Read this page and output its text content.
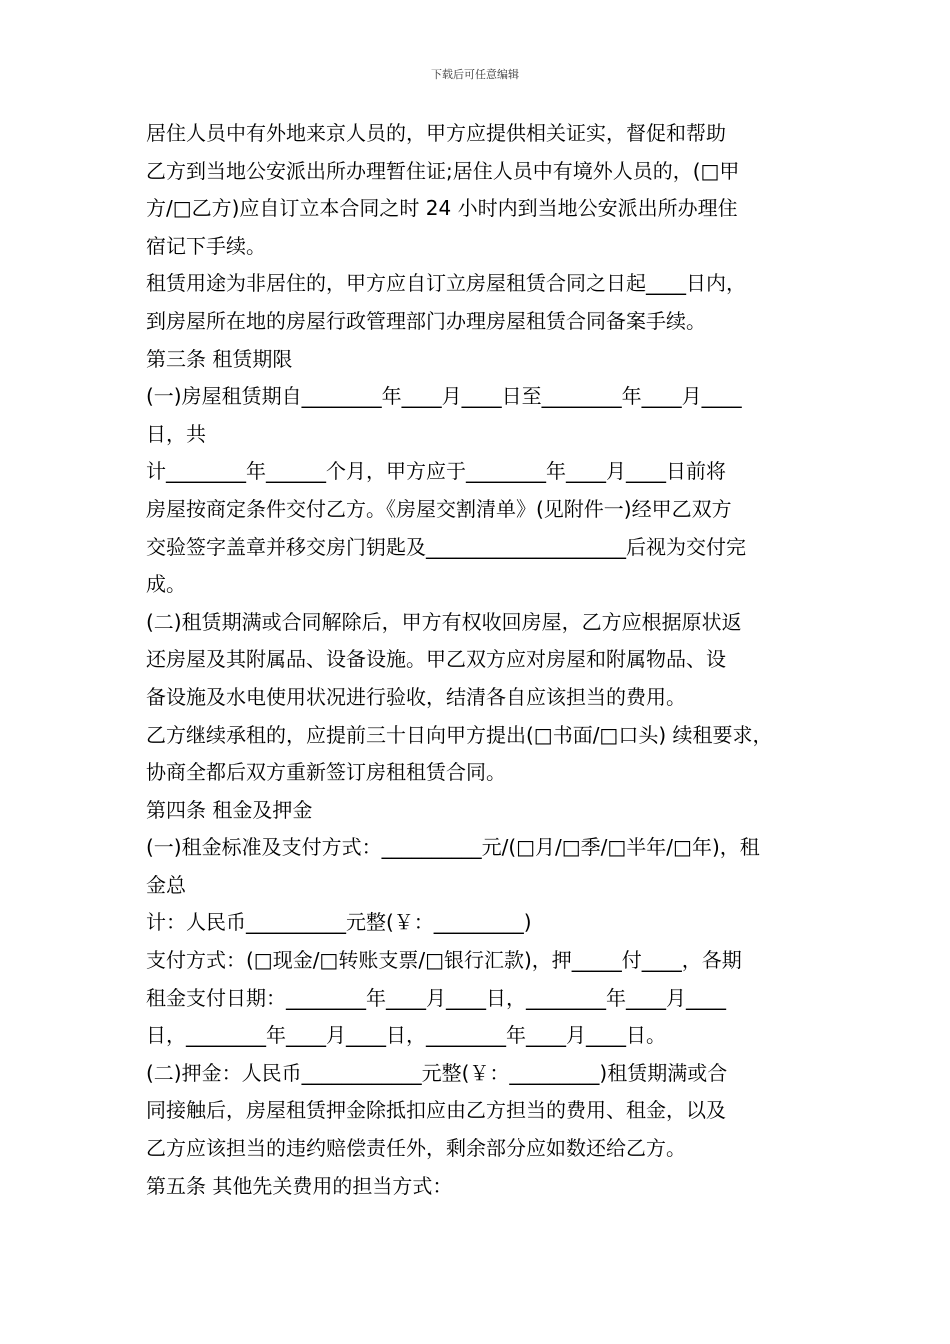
下载后可任意编辑
居住人员中有外地来京人员的，甲方应提供相关证实，督促和帮助
乙方到当地公安派出所办理暂住证;居住人员中有境外人员的，(□甲
方/□乙方)应自订立本合同之时 24 小时内到当地公安派出所办理住
宿记下手续。
租赁用途为非居住的，甲方应自订立房屋租赁合同之日起____日内，
到房屋所在地的房屋行政管理部门办理房屋租赁合同备案手续。
第三条 租赁期限
(一)房屋租赁期自________年____月____日至________年____月____
日，共
计________年______个月，甲方应于________年____月____日前将
房屋按商定条件交付乙方。《房屋交割清单》(见附件一)经甲乙双方
交验签字盖章并移交房门钥匙及____________________后视为交付完
成。
(二)租赁期满或合同解除后，甲方有权收回房屋，乙方应根据原状返
还房屋及其附属品、设备设施。甲乙双方应对房屋和附属物品、设
备设施及水电使用状况进行验收，结清各自应该担当的费用。
乙方继续承租的，应提前三十日向甲方提出(□书面/□口头) 续租要求，
协商全都后双方重新签订房租租赁合同。
第四条 租金及押金
(一)租金标准及支付方式：__________元/(□月/□季/□半年/□年)，租
金总
计：人民币__________元整(￥：_________)
支付方式：(□现金/□转账支票/□银行汇款)，押_____付____，各期
租金支付日期：________年____月____日，________年____月____
日，________年____月____日，________年____月____日。
(二)押金：人民币____________元整(￥：_________)租赁期满或合
同接触后，房屋租赁押金除抵扣应由乙方担当的费用、租金，以及
乙方应该担当的违约赔偿责任外，剩余部分应如数还给乙方。
第五条 其他先关费用的担当方式：
